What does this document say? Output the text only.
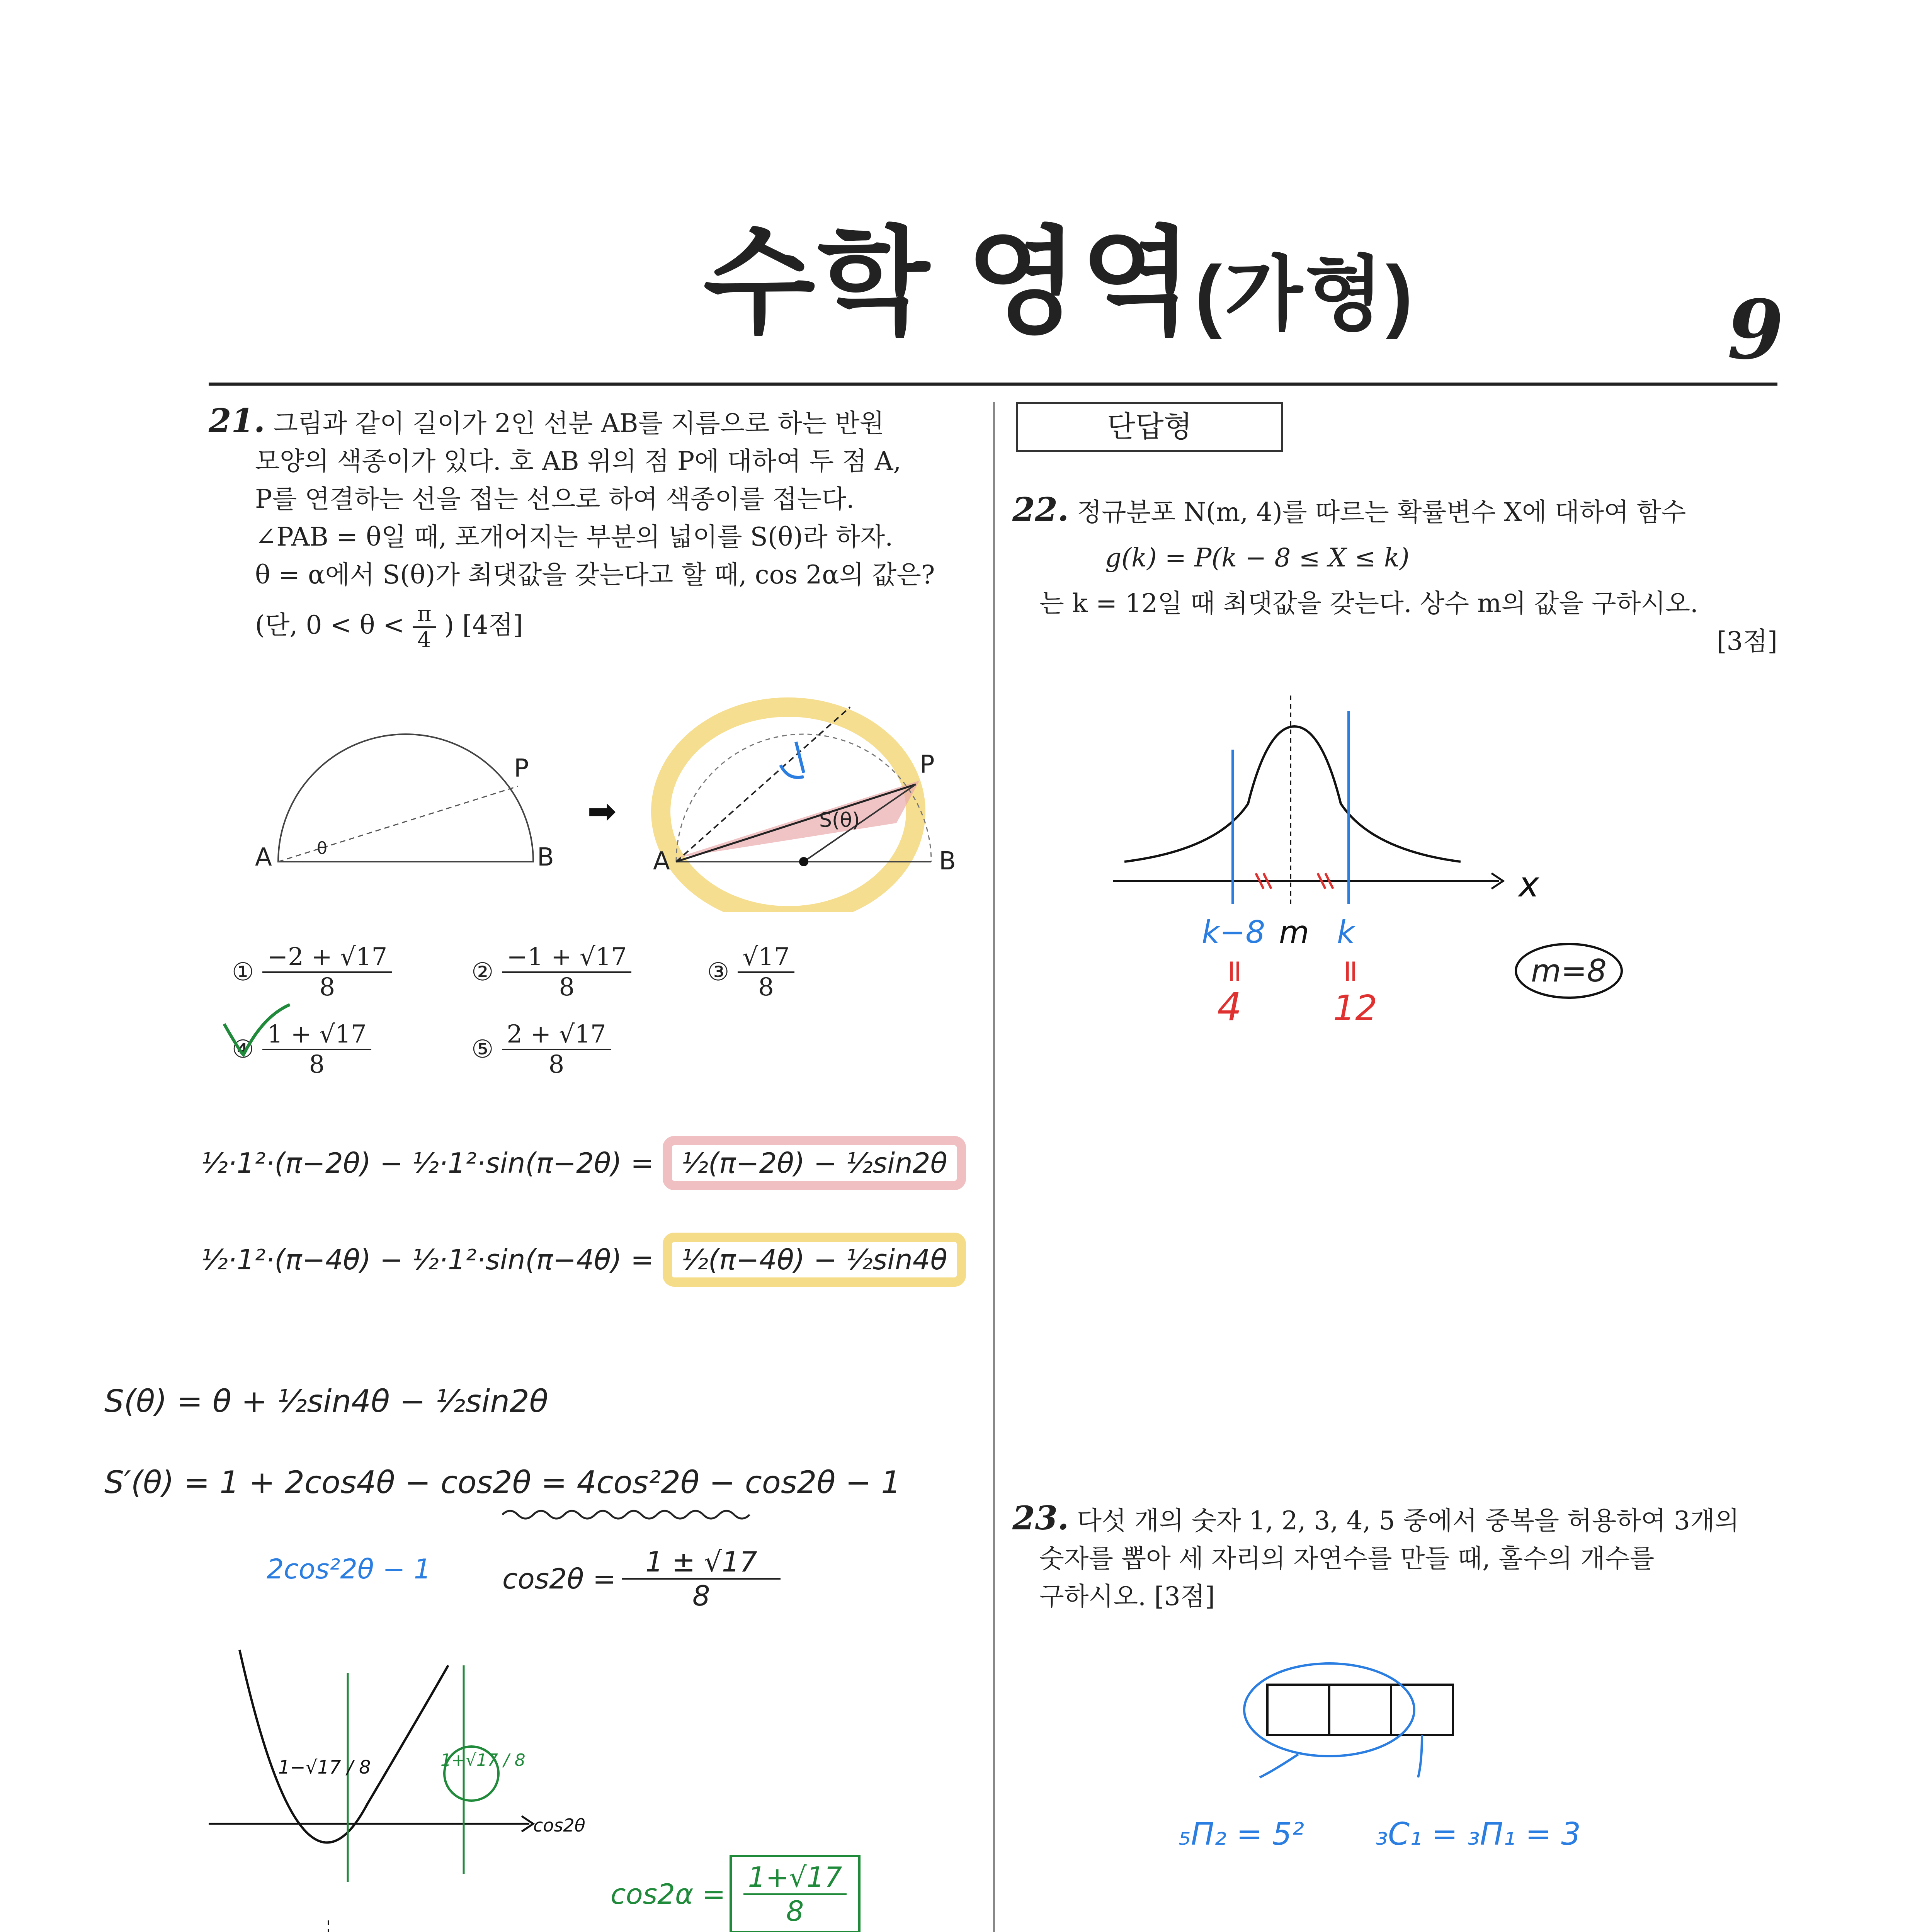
수학 영역(가형)	9
21. 그림과 같이 길이가 2인 선분 AB를 지름으로 하는 반원
모양의 색종이가 있다. 호 AB 위의 점 P에 대하여 두 점 A,
P를 연결하는 선을 접는 선으로 하여 색종이를 접는다.
∠PAB = θ일 때, 포개어지는 부분의 넓이를 S(θ)라 하자.
θ = α에서 S(θ)가 최댓값을 갖는다고 할 때, cos 2α의 값은?
(단, $0 < \theta < \frac{\pi}{4}$ ) [4점]
A	B
P
θ
➡
A	B
P
S(θ)
① $\frac{-2 + √17}{8}$	② $\frac{-1 + √17}{8}$	③ $\frac{√17}{8}$
④ $\frac{1 + √17}{8}$	⑤ $\frac{2 + √17}{8}$
½·1²·(π−2θ) − ½·1²·sin(π−2θ) = ½(π−2θ) − ½sin2θ
½·1²·(π−4θ) − ½·1²·sin(π−4θ) = ½(π−4θ) − ½sin4θ
S(θ) = θ + ½sin4θ − ½sin2θ
S′(θ) = 1 + 2cos4θ − cos2θ = 4cos²2θ − cos2θ − 1
2cos²2θ − 1	$\cos 2\theta = \frac{1 \pm √17}{8}$
1−√17 / 8	1+√17 / 8
cos2θ
$\cos 2\alpha = \frac{1+√17}{8}$
단답형
22. 정규분포 N(m, 4)를 따르는 확률변수 X에 대하여 함수
g(k) = P(k − 8 ≤ X ≤ k)
는 k = 12일 때 최댓값을 갖는다. 상수 m의 값을 구하시오.
[3점]
x
k−8 m k
=	=
4	12
m=8
23. 다섯 개의 숫자 1, 2, 3, 4, 5 중에서 중복을 허용하여 3개의
숫자를 뽑아 세 자리의 자연수를 만들 때, 홀수의 개수를
구하시오. [3점]
₅Π₂ = 5² ₃C₁ = ₃Π₁ = 3
